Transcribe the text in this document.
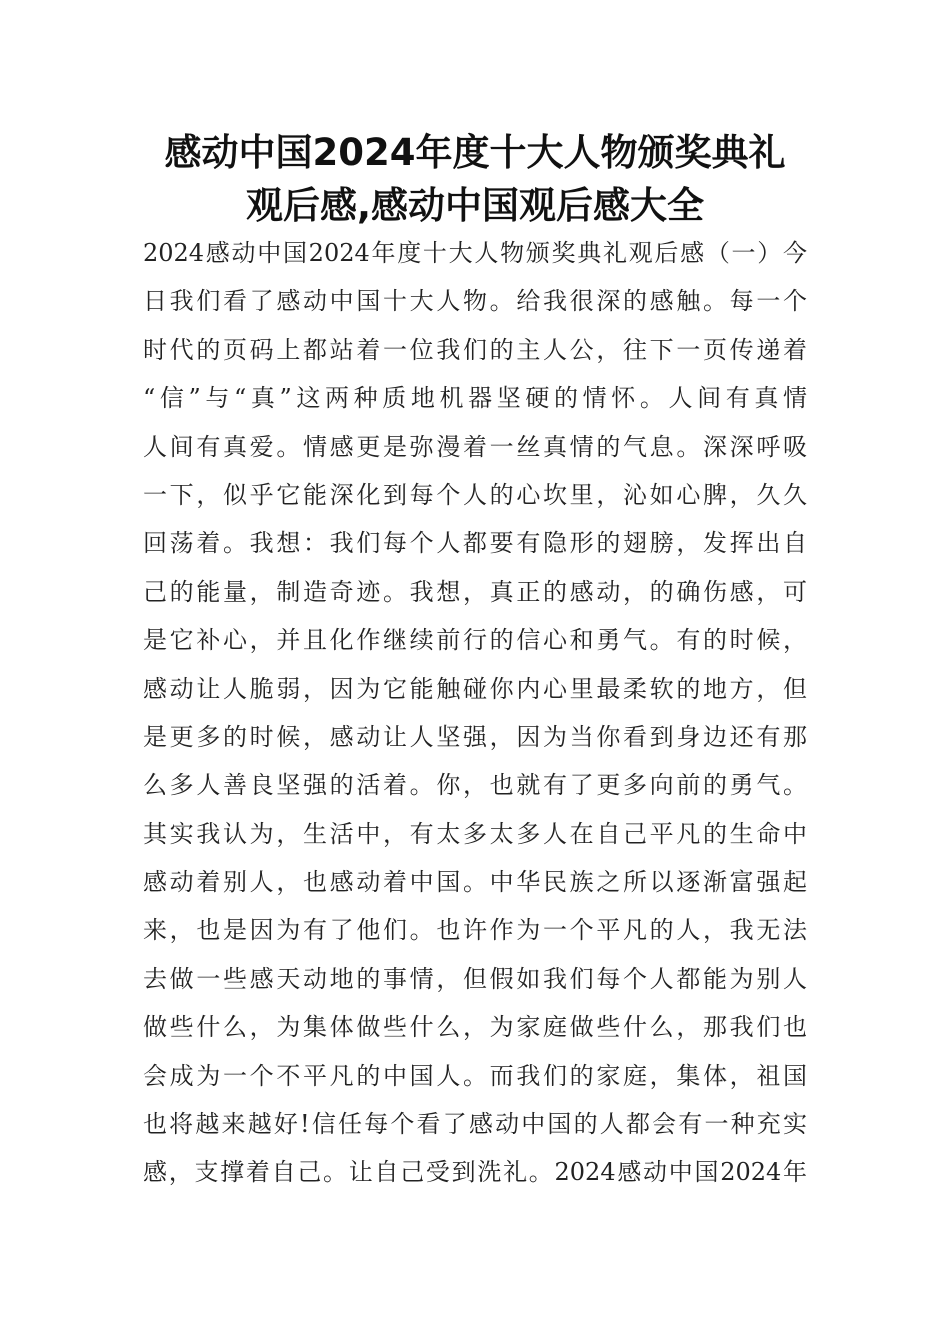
感动中国2024年度十大人物颁奖典礼
观后感,感动中国观后感大全
2024感动中国2024年度十大人物颁奖典礼观后感（一）今
日我们看了感动中国十大人物。给我很深的感触。每一个
时代的页码上都站着一位我们的主人公，往下一页传递着
“信”与“真”这两种质地机器坚硬的情怀。人间有真情
人间有真爱。情感更是弥漫着一丝真情的气息。深深呼吸
一下，似乎它能深化到每个人的心坎里，沁如心脾，久久
回荡着。我想：我们每个人都要有隐形的翅膀，发挥出自
己的能量，制造奇迹。我想，真正的感动，的确伤感，可
是它补心，并且化作继续前行的信心和勇气。有的时候，
感动让人脆弱，因为它能触碰你内心里最柔软的地方，但
是更多的时候，感动让人坚强，因为当你看到身边还有那
么多人善良坚强的活着。你，也就有了更多向前的勇气。
其实我认为，生活中，有太多太多人在自己平凡的生命中
感动着别人，也感动着中国。中华民族之所以逐渐富强起
来，也是因为有了他们。也许作为一个平凡的人，我无法
去做一些感天动地的事情，但假如我们每个人都能为别人
做些什么，为集体做些什么，为家庭做些什么，那我们也
会成为一个不平凡的中国人。而我们的家庭，集体，祖国
也将越来越好!信任每个看了感动中国的人都会有一种充实
感，支撑着自己。让自己受到洗礼。2024感动中国2024年
